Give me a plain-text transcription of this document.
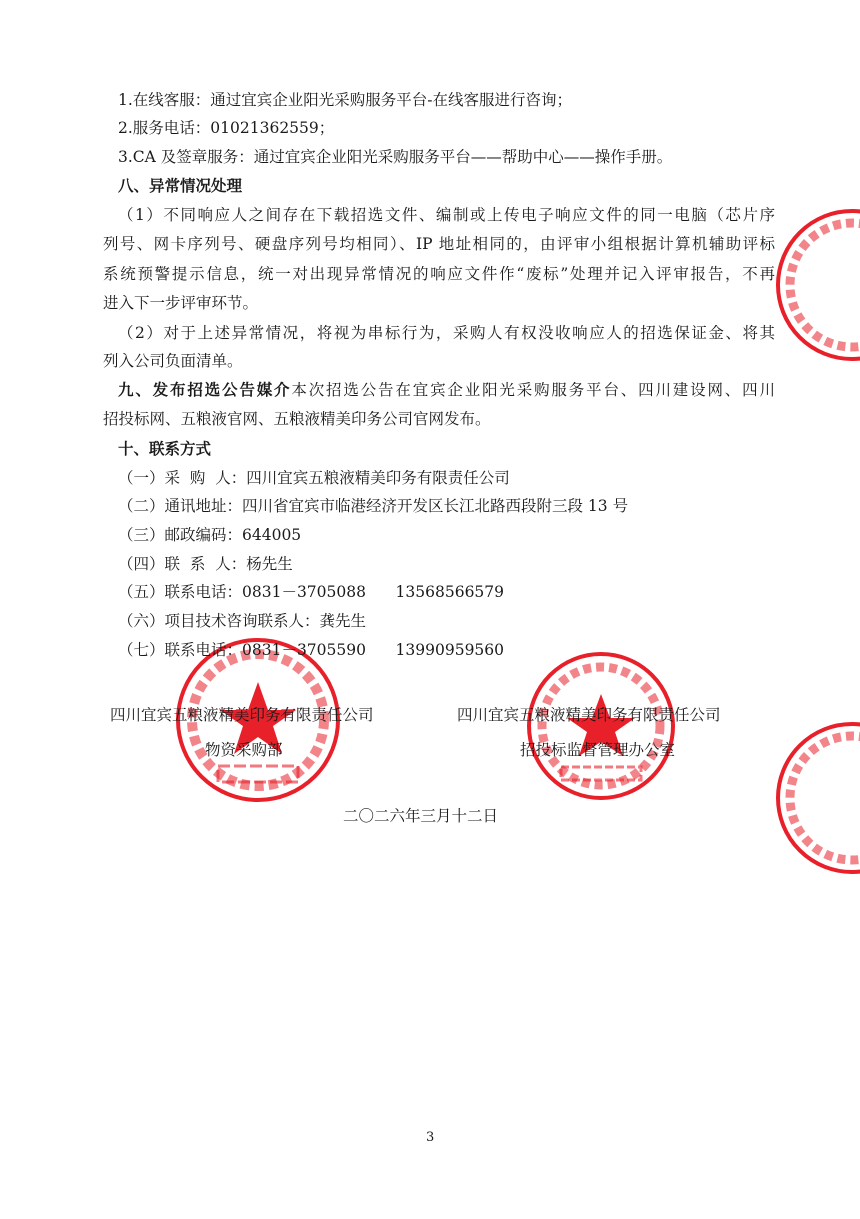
1.在线客服：通过宜宾企业阳光采购服务平台-在线客服进行咨询；
2.服务电话：01021362559；
3.CA 及签章服务：通过宜宾企业阳光采购服务平台——帮助中心——操作手册。
八、异常情况处理
（1）不同响应人之间存在下载招选文件、编制或上传电子响应文件的同一电脑（芯片序
列号、网卡序列号、硬盘序列号均相同）、IP 地址相同的，由评审小组根据计算机辅助评标
系统预警提示信息，统一对出现异常情况的响应文件作“废标”处理并记入评审报告，不再
进入下一步评审环节。
（2）对于上述异常情况，将视为串标行为，采购人有权没收响应人的招选保证金、将其
列入公司负面清单。
九、发布招选公告媒介本次招选公告在宜宾企业阳光采购服务平台、四川建设网、四川
招投标网、五粮液官网、五粮液精美印务公司官网发布。
十、联系方式
（一）采  购  人：四川宜宾五粮液精美印务有限责任公司
（二）通讯地址：四川省宜宾市临港经济开发区长江北路西段附三段 13 号
（三）邮政编码：644005
（四）联  系  人：杨先生
（五）联系电话：0831－3705088      13568566579
（六）项目技术咨询联系人：龚先生
（七）联系电话：0831－3705590      13990959560
四川宜宾五粮液精美印务有限责任公司
物资采购部
四川宜宾五粮液精美印务有限责任公司
招投标监督管理办公室
二〇二六年三月十二日
3
